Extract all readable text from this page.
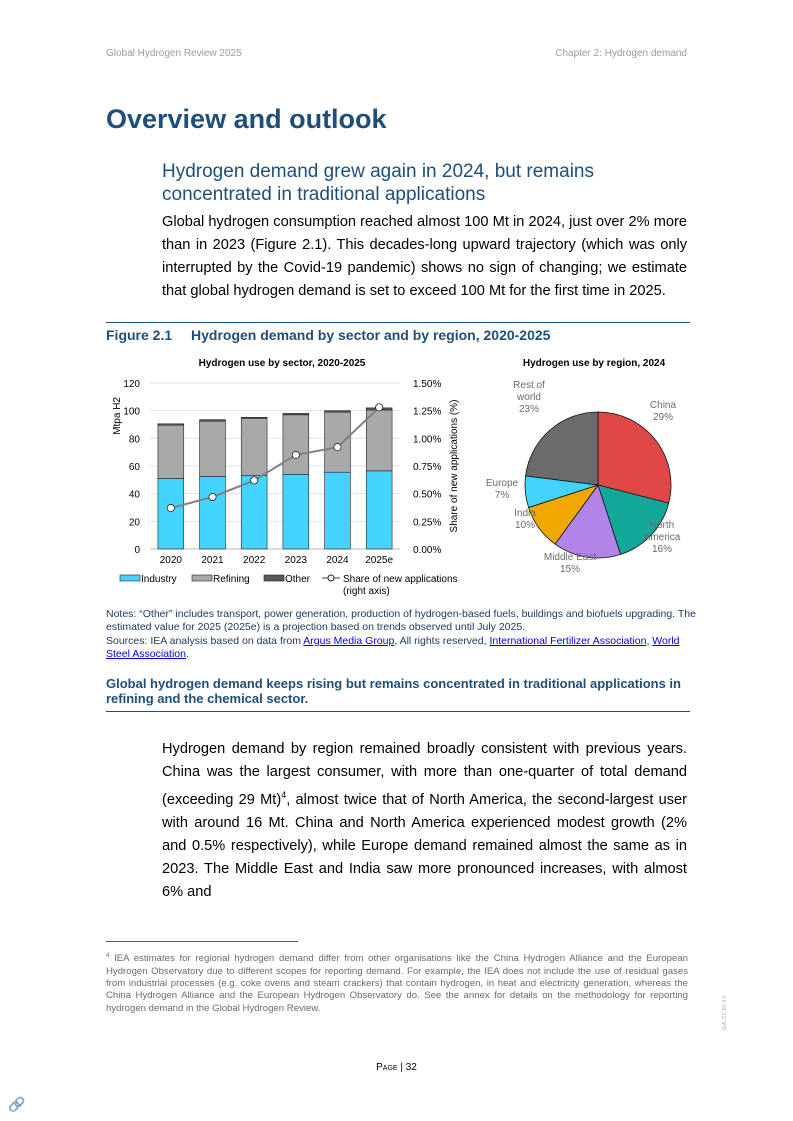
Global Hydrogen Review 2025	Chapter 2: Hydrogen demand
Overview and outlook
Hydrogen demand grew again in 2024, but remains concentrated in traditional applications
Global hydrogen consumption reached almost 100 Mt in 2024, just over 2% more than in 2023 (Figure 2.1). This decades-long upward trajectory (which was only interrupted by the Covid-19 pandemic) shows no sign of changing; we estimate that global hydrogen demand is set to exceed 100 Mt for the first time in 2025.
Figure 2.1 Hydrogen demand by sector and by region, 2020-2025
Hydrogen use by sector, 2020-2025	Hydrogen use by region, 2024
0
20
40
60
80
100
120
0.00%
0.25%
0.50%
0.75%
1.00%
1.25%
1.50%
Mtpa H2	Share of new applications (%)
2020 2021 2022 2023 2024 2025e
Industry	Refining	Other	Share of new applications
(right axis)
China
29%
North
America
16%
Middle East
15%
India
10%
Europe
7%
Rest of
world
23%
Notes: “Other” includes transport, power generation, production of hydrogen-based fuels, buildings and biofuels upgrading. The estimated value for 2025 (2025e) is a projection based on trends observed until July 2025.
Sources: IEA analysis based on data from Argus Media Group, All rights reserved, International Fertilizer Association, World Steel Association.
Global hydrogen demand keeps rising but remains concentrated in traditional applications in refining and the chemical sector.
Hydrogen demand by region remained broadly consistent with previous years. China was the largest consumer, with more than one-quarter of total demand (exceeding 29 Mt)$^4$, almost twice that of North America, the second-largest user with around 16 Mt. China and North America experienced modest growth (2% and 0.5% respectively), while Europe demand remained almost the same as in 2023. The Middle East and India saw more pronounced increases, with almost 6% and
$^4$ IEA estimates for regional hydrogen demand differ from other organisations like the China Hydrogen Alliance and the European Hydrogen Observatory due to different scopes for reporting demand. For example, the IEA does not include the use of residual gases from industrial processes (e.g. coke ovens and steam crackers) that contain hydrogen, in heat and electricity generation, whereas the China Hydrogen Alliance and the European Hydrogen Observatory do. See the annex for details on the methodology for reporting hydrogen demand in the Global Hydrogen Review.
Page | 32
IEA. CC BY 4.0.
🔗
